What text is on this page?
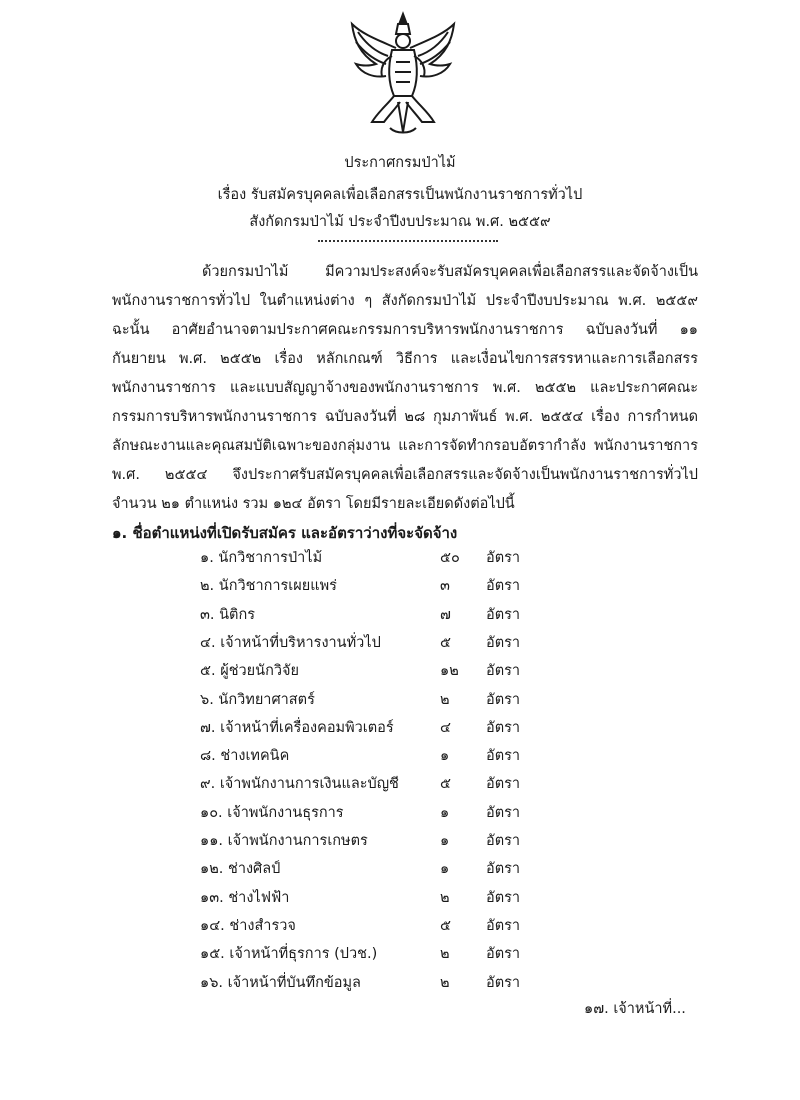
ประกาศกรมป่าไม้
เรื่อง รับสมัครบุคคลเพื่อเลือกสรรเป็นพนักงานราชการทั่วไป
สังกัดกรมป่าไม้ ประจำปีงบประมาณ พ.ศ. ๒๕๕๙
ด้วยกรมป่าไม้ มีความประสงค์จะรับสมัครบุคคลเพื่อเลือกสรรและจัดจ้างเป็นพนักงานราชการทั่วไป ในตำแหน่งต่าง ๆ สังกัดกรมป่าไม้ ประจำปีงบประมาณ พ.ศ. ๒๕๕๙ ฉะนั้น อาศัยอำนาจตามประกาศคณะกรรมการบริหารพนักงานราชการ ฉบับลงวันที่ ๑๑ กันยายน พ.ศ. ๒๕๕๒ เรื่อง หลักเกณฑ์ วิธีการ และเงื่อนไขการสรรหาและการเลือกสรรพนักงานราชการ และแบบสัญญาจ้างของพนักงานราชการ พ.ศ. ๒๕๕๒ และประกาศคณะกรรมการบริหารพนักงานราชการ ฉบับลงวันที่ ๒๘ กุมภาพันธ์ พ.ศ. ๒๕๕๔ เรื่อง การกำหนดลักษณะงานและคุณสมบัติเฉพาะของกลุ่มงาน และการจัดทำกรอบอัตรากำลัง พนักงานราชการ พ.ศ. ๒๕๕๔ จึงประกาศรับสมัครบุคคลเพื่อเลือกสรรและจัดจ้างเป็นพนักงานราชการทั่วไป จำนวน ๒๑ ตำแหน่ง รวม ๑๒๔ อัตรา โดยมีรายละเอียดดังต่อไปนี้
๑. ชื่อตำแหน่งที่เปิดรับสมัคร และอัตราว่างที่จะจัดจ้าง
๑. นักวิชาการป่าไม้	๕๐ อัตรา
๒. นักวิชาการเผยแพร่	๓ อัตรา
๓. นิติกร	๗ อัตรา
๔. เจ้าหน้าที่บริหารงานทั่วไป	๕ อัตรา
๕. ผู้ช่วยนักวิจัย	๑๒ อัตรา
๖. นักวิทยาศาสตร์	๒	อัตรา
๗. เจ้าหน้าที่เครื่องคอมพิวเตอร์	๔ อัตรา
๘. ช่างเทคนิค	๑	อัตรา
๙. เจ้าพนักงานการเงินและบัญชี	๕ อัตรา
๑๐. เจ้าพนักงานธุรการ	๑	อัตรา
๑๑. เจ้าพนักงานการเกษตร	๑	อัตรา
๑๒. ช่างศิลป์	๑	อัตรา
๑๓. ช่างไฟฟ้า	๒	อัตรา
๑๔. ช่างสำรวจ	๕ อัตรา
๑๕. เจ้าหน้าที่ธุรการ (ปวช.)	๒	อัตรา
๑๖. เจ้าหน้าที่บันทึกข้อมูล	๒	อัตรา
๑๗. เจ้าหน้าที่...
